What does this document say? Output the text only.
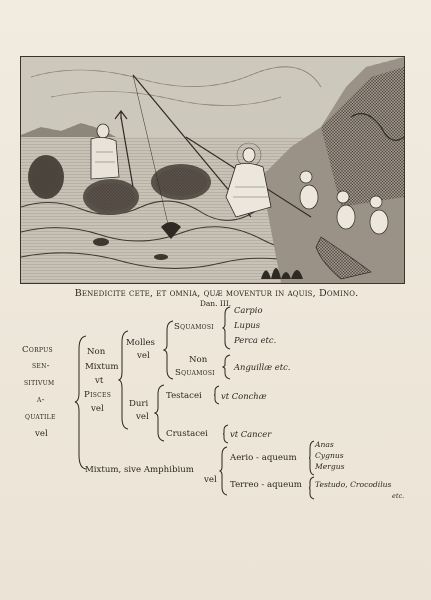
Benedicite cete, et omnia, quæ moventur in aquis, Domino.
Dan. III.
Corpus
sen-
sitivum
a-
quatile
vel
Non
Mixtum
vt
Pisces
vel
Molles
vel
Squamosi
Non
Squamosi
Carpio
Lupus
Perca etc.
Anguillæ etc.
Duri
vel
Testacei
Crustacei
vt Conchæ
vt Cancer
Mixtum, sive Amphibium
vel
Aerio - aqueum
Terreo - aqueum
Anas
Cygnus
Mergus
Testudo, Crocodilus
etc.
